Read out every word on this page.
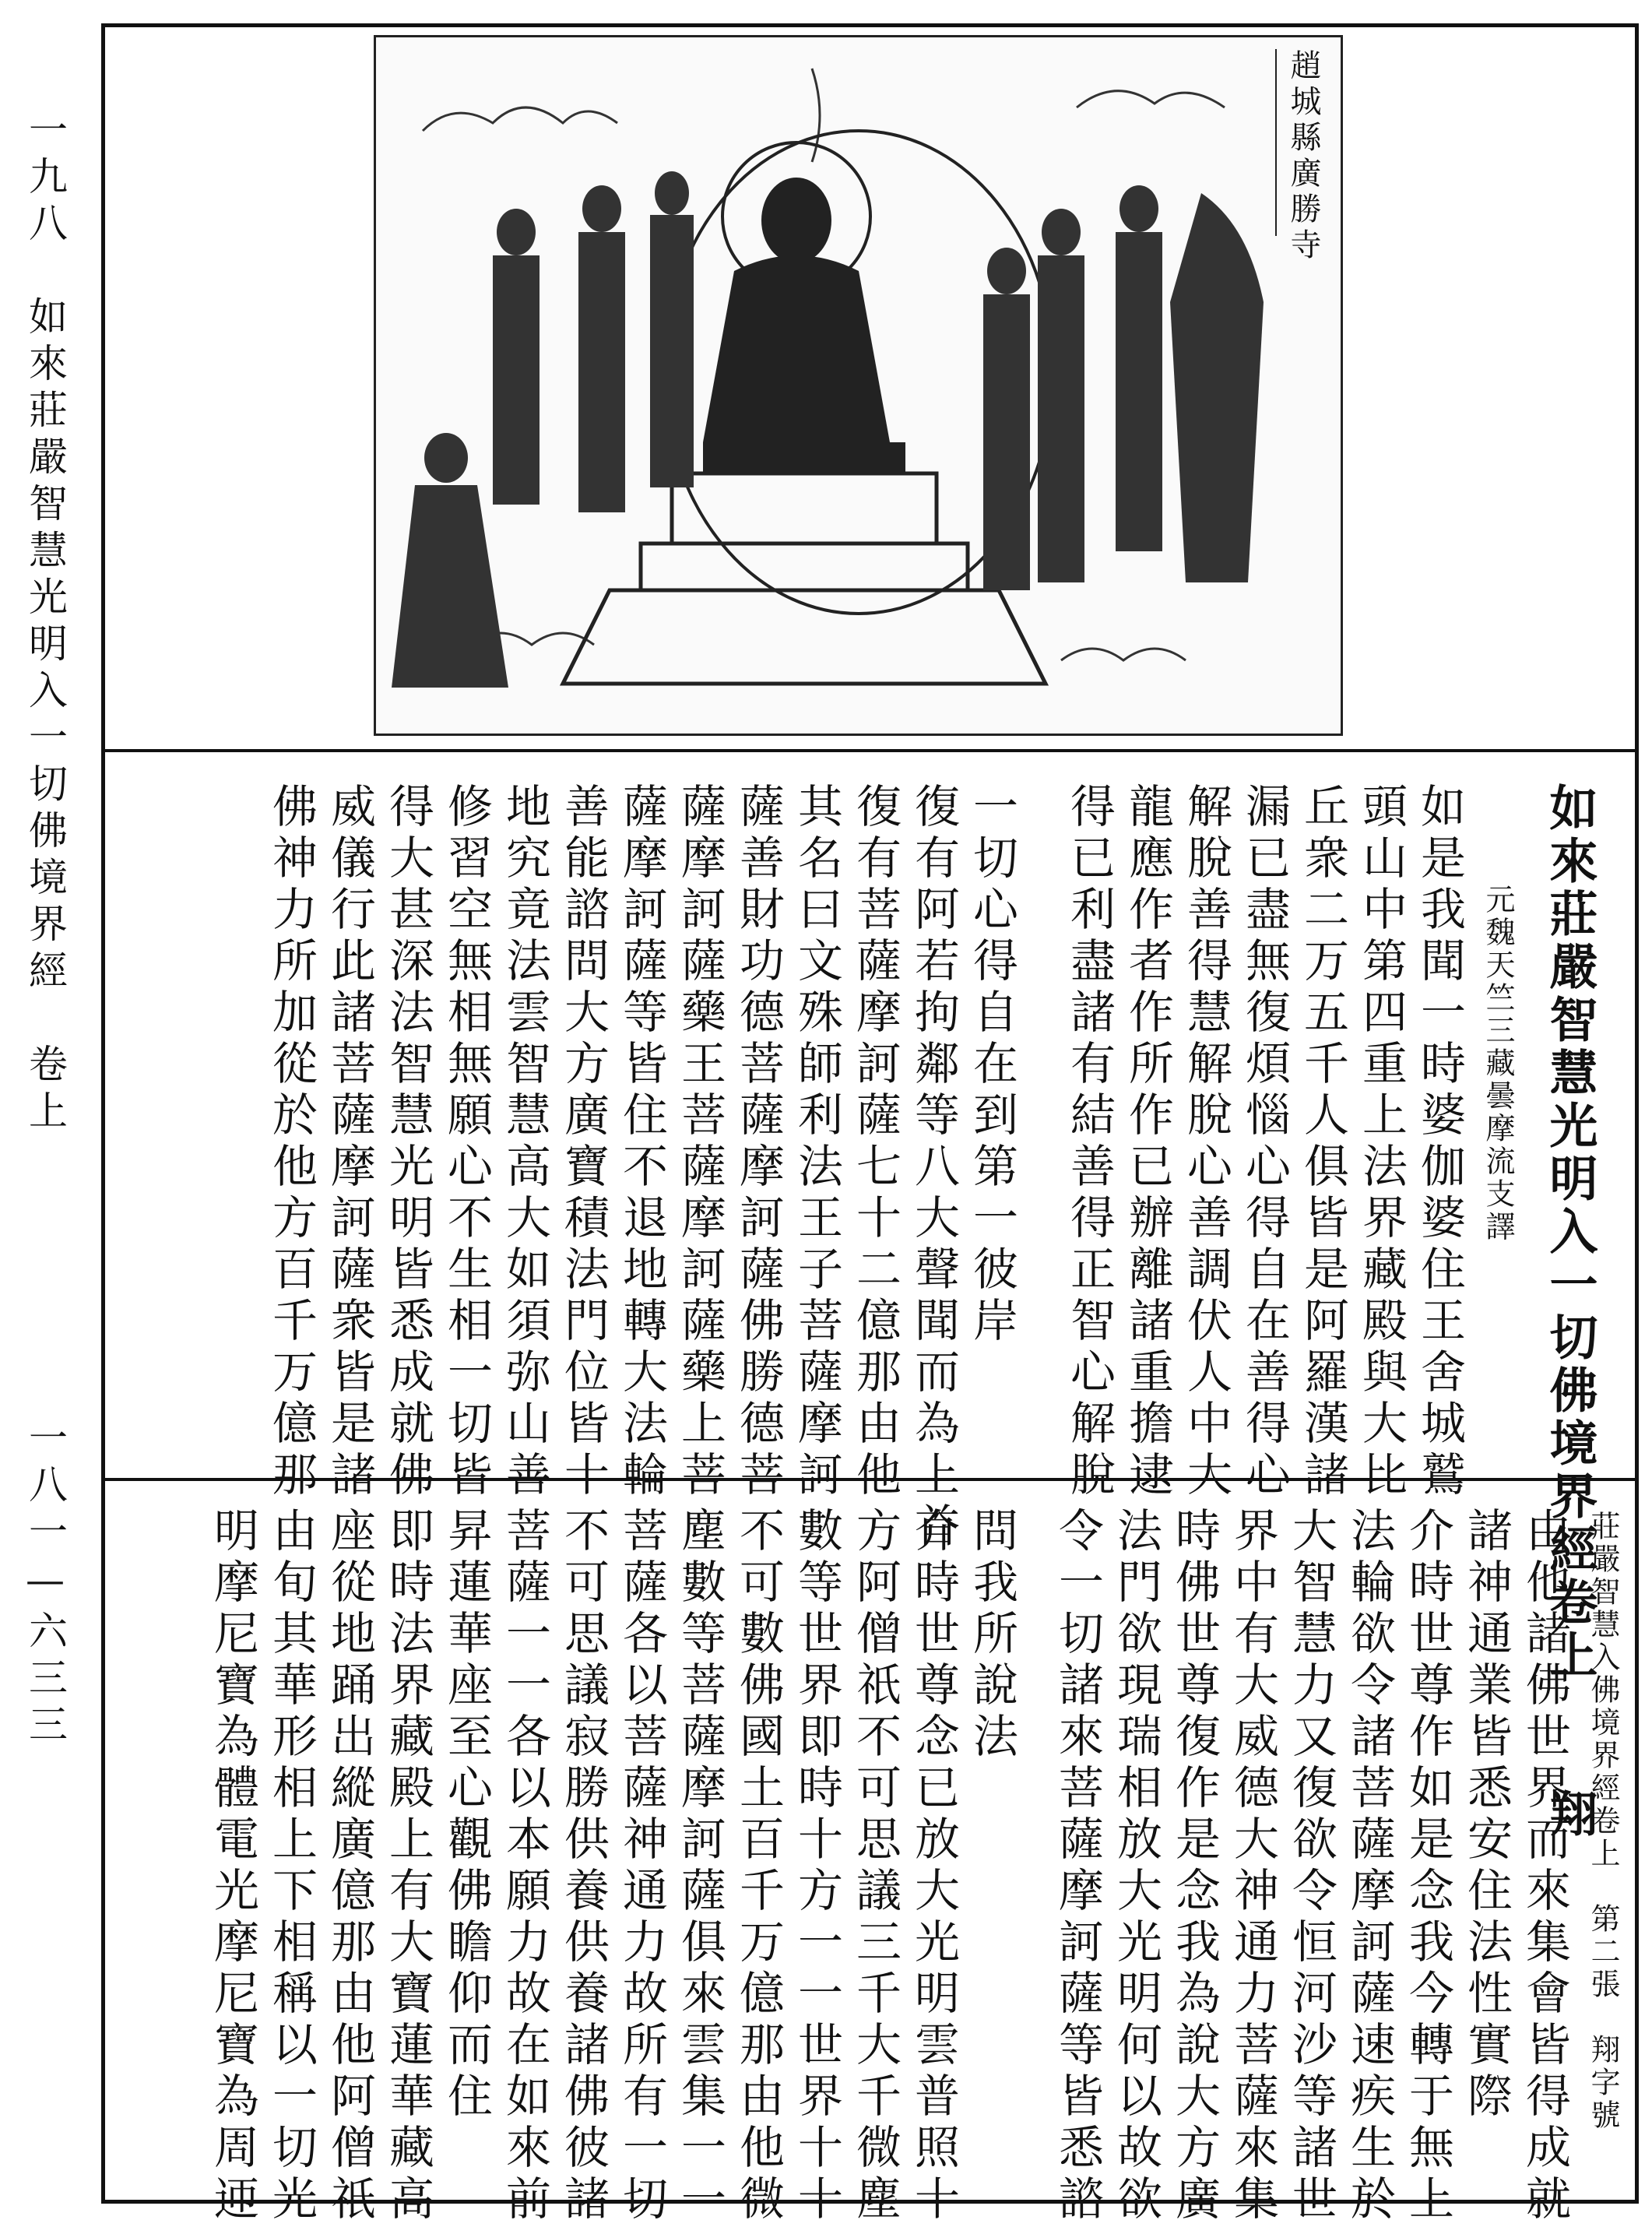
一九八　如來莊嚴智慧光明入一切佛境界經　卷上
一八一—六三三
趙城縣廣勝寺
如來莊嚴智慧光明入一切佛境界經卷上　　翔
元魏天竺三藏曇摩流支譯
如是我聞一時婆伽婆住王舍城鷲
頭山中第四重上法界藏殿與大比
丘衆二万五千人俱皆是阿羅漢諸
漏已盡無復煩惱心得自在善得心
解脫善得慧解脫心善調伏人中大
龍應作者作所作已辦離諸重擔逮
得已利盡諸有結善得正智心解脫
一切心得自在到第一彼岸
復有阿若拘鄰等八大聲聞而為上首
復有菩薩摩訶薩七十二億那由他
其名曰文殊師利法王子菩薩摩訶
薩善財功德菩薩摩訶薩佛勝德菩
薩摩訶薩藥王菩薩摩訶薩藥上菩
薩摩訶薩等皆住不退地轉大法輪
善能諮問大方廣寶積法門位皆十
地究竟法雲智慧高大如須弥山善
修習空無相無願心不生相一切皆
得大甚深法智慧光明皆悉成就佛
威儀行此諸菩薩摩訶薩衆皆是諸
佛神力所加從於他方百千万億那
莊嚴智慧入佛境界經卷上　第二張　翔字號
由他諸佛世界而來集會皆得成就
諸神通業皆悉安住法性實際
介時世尊作如是念我今轉于無上
法輪欲令諸菩薩摩訶薩速疾生於
大智慧力又復欲令恒河沙等諸世
界中有大威德大神通力菩薩來集
時佛世尊復作是念我為說大方廣
法門欲現瑞相放大光明何以故欲
令一切諸來菩薩摩訶薩等皆悉諮
問我所說法
介時世尊念已放大光明雲普照十
方阿僧祇不可思議三千大千微塵
數等世界即時十方一一世界十十
不可數佛國土百千万億那由他微
塵數等菩薩摩訶薩俱來雲集一一
菩薩各以菩薩神通力故所有一切
不可思議寂勝供養供養諸佛彼諸
菩薩一一各以本願力故在如來前
昇蓮華座至心觀佛瞻仰而住
即時法界藏殿上有大寶蓮華藏高
座從地踊出縱廣億那由他阿僧祇
由旬其華形相上下相稱以一切光
明摩尼寶為體電光摩尼寶為周迊
